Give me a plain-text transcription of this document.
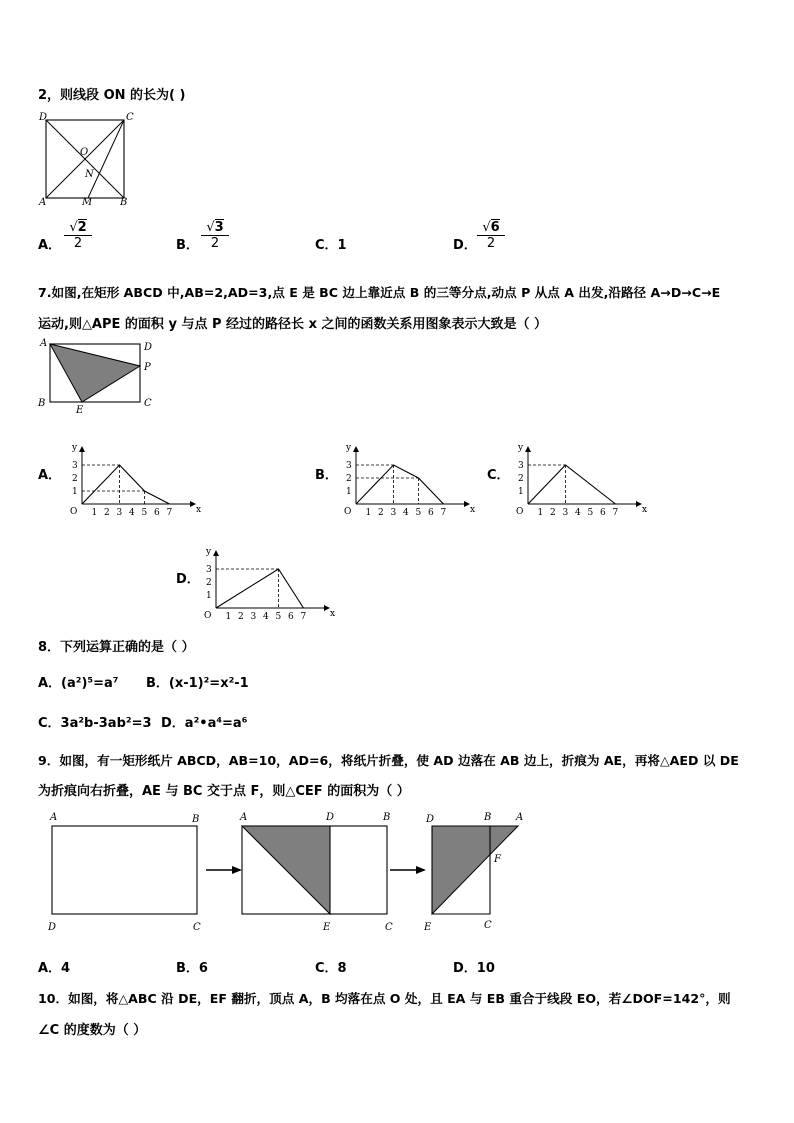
2，则线段 ON 的长为( )
D	C
A	B
O
N
M
A． $\frac{√2}{2}$	B． $\frac{√3}{2}$	C．1	D． $\frac{√6}{2}$
7.如图,在矩形 ABCD 中,AB=2,AD=3,点 E 是 BC 边上靠近点 B 的三等分点,动点 P 从点 A 出发,沿路径 A→D→C→E
运动,则△APE 的面积 y 与点 P 经过的路径长 x 之间的函数关系用图象表示大致是（ ）
A	D
P
B
E
C
A．	B．	C．
D．
y
x
O 1 2 3 4 5 6 7
1
2
3
y
x
O 1 2 3 4 5 6 7
1
2
3
y
x
O 1 2 3 4 5 6 7
1
2
3
y
x
O 1 2 3 4 5 6 7
1
2
3
8．下列运算正确的是（ ）
A．(a²)⁵=a⁷ B．(x-1)²=x²-1
C．3a²b-3ab²=3 D．a²•a⁴=a⁶
9．如图，有一矩形纸片 ABCD，AB=10，AD=6，将纸片折叠，使 AD 边落在 AB 边上，折痕为 AE，再将△AED 以 DE
为折痕向右折叠，AE 与 BC 交于点 F，则△CEF 的面积为（ ）
A	B
D	C
A	D	B
E	C
D	B A
F
E	C
A．4	B．6	C．8	D．10
10．如图，将△ABC 沿 DE，EF 翻折，顶点 A，B 均落在点 O 处，且 EA 与 EB 重合于线段 EO，若∠DOF=142°，则
∠C 的度数为（ ）
